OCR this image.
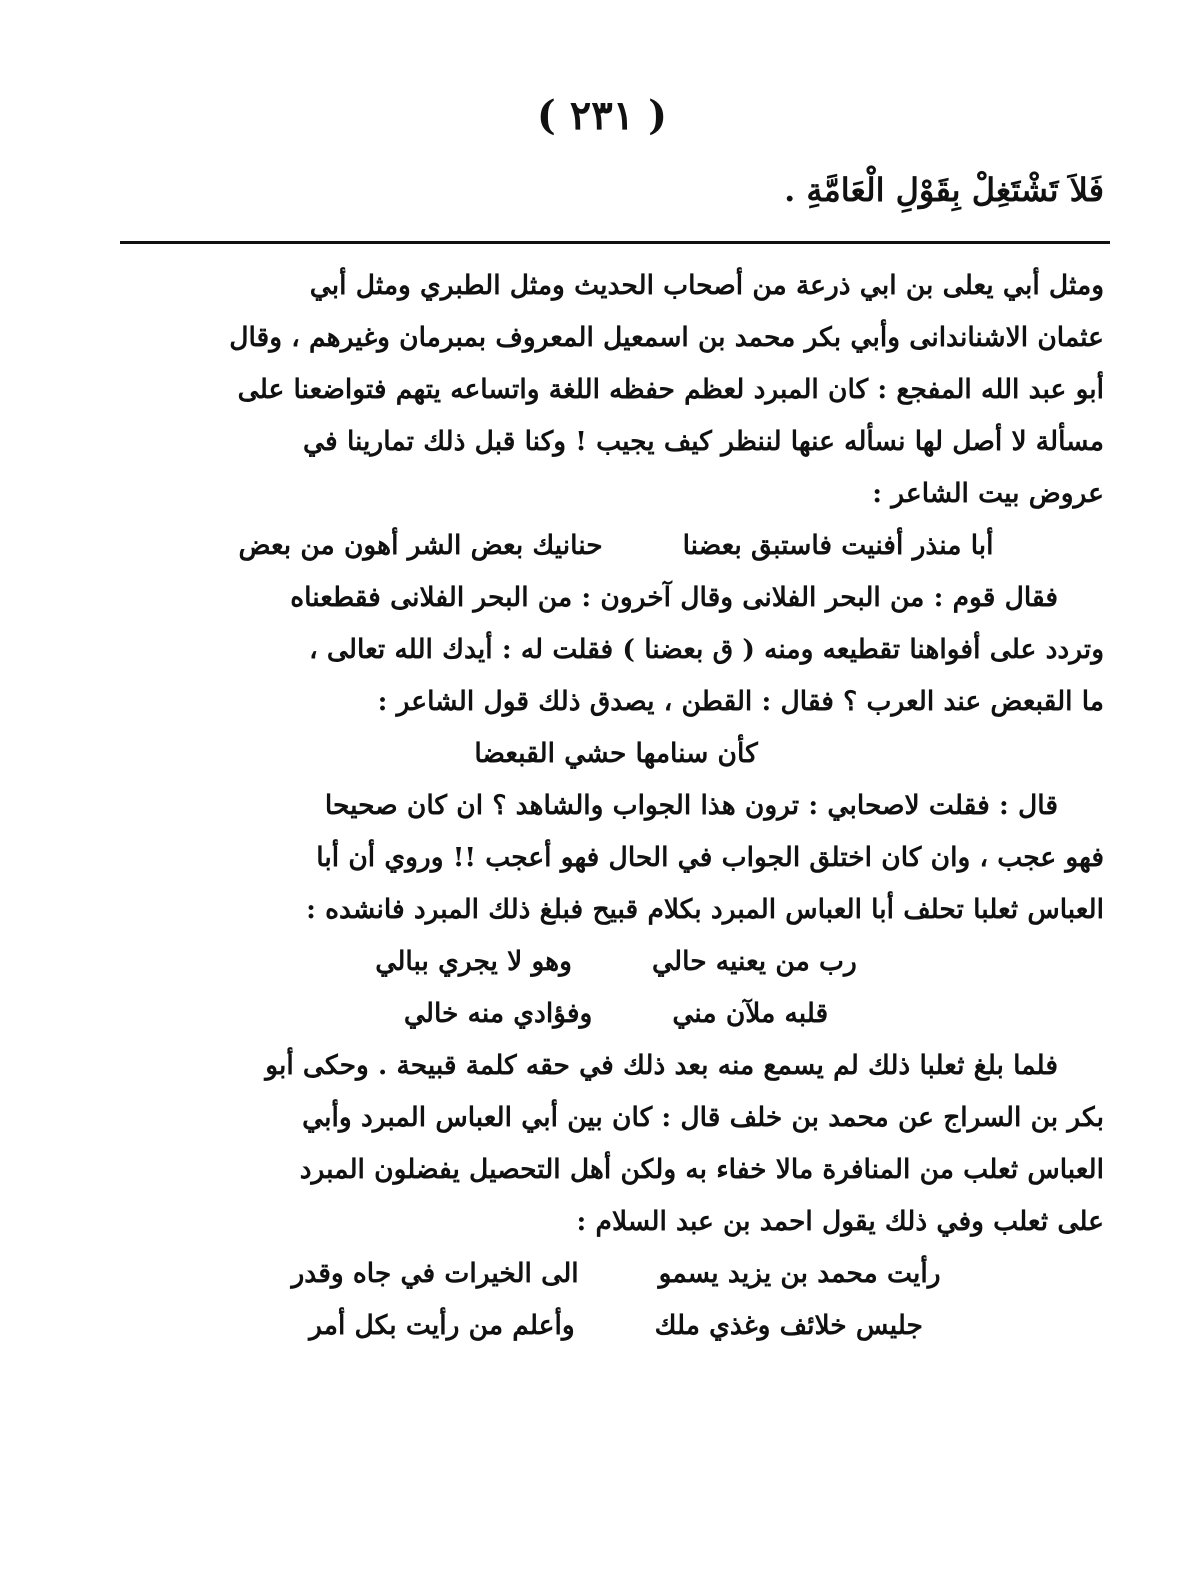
( ٢٣١ )
فَلاَ تَشْتَغِلْ بِقَوْلِ الْعَامَّةِ .
ومثل أبي يعلى بن ابي ذرعة من أصحاب الحديث ومثل الطبري ومثل أبي
عثمان الاشناندانى وأبي بكر محمد بن اسمعيل المعروف بمبرمان وغيرهم ، وقال
أبو عبد الله المفجع : كان المبرد لعظم حفظه اللغة واتساعه يتهم فتواضعنا على
مسألة لا أصل لها نسأله عنها لننظر كيف يجيب ! وكنا قبل ذلك تمارينا في
عروض بيت الشاعر :
أبا منذر أفنيت فاستبق بعضنا
حنانيك بعض الشر أهون من بعض
فقال قوم : من البحر الفلانى وقال آخرون : من البحر الفلانى فقطعناه
وتردد على أفواهنا تقطيعه ومنه ( ق بعضنا ) فقلت له : أيدك الله تعالى ،
ما القبعض عند العرب ؟ فقال : القطن ، يصدق ذلك قول الشاعر :
كأن سنامها حشي القبعضا
قال : فقلت لاصحابي : ترون هذا الجواب والشاهد ؟ ان كان صحيحا
فهو عجب ، وان كان اختلق الجواب في الحال فهو أعجب !! وروي أن أبا
العباس ثعلبا تحلف أبا العباس المبرد بكلام قبيح فبلغ ذلك المبرد فانشده :
رب من يعنيه حالي
وهو لا يجري ببالي
قلبه ملآن مني
وفؤادي منه خالي
فلما بلغ ثعلبا ذلك لم يسمع منه بعد ذلك في حقه كلمة قبيحة . وحكى أبو
بكر بن السراج عن محمد بن خلف قال : كان بين أبي العباس المبرد وأبي
العباس ثعلب من المنافرة مالا خفاء به ولكن أهل التحصيل يفضلون المبرد
على ثعلب وفي ذلك يقول احمد بن عبد السلام :
رأيت محمد بن يزيد يسمو
الى الخيرات في جاه وقدر
جليس خلائف وغذي ملك
وأعلم من رأيت بكل أمر
